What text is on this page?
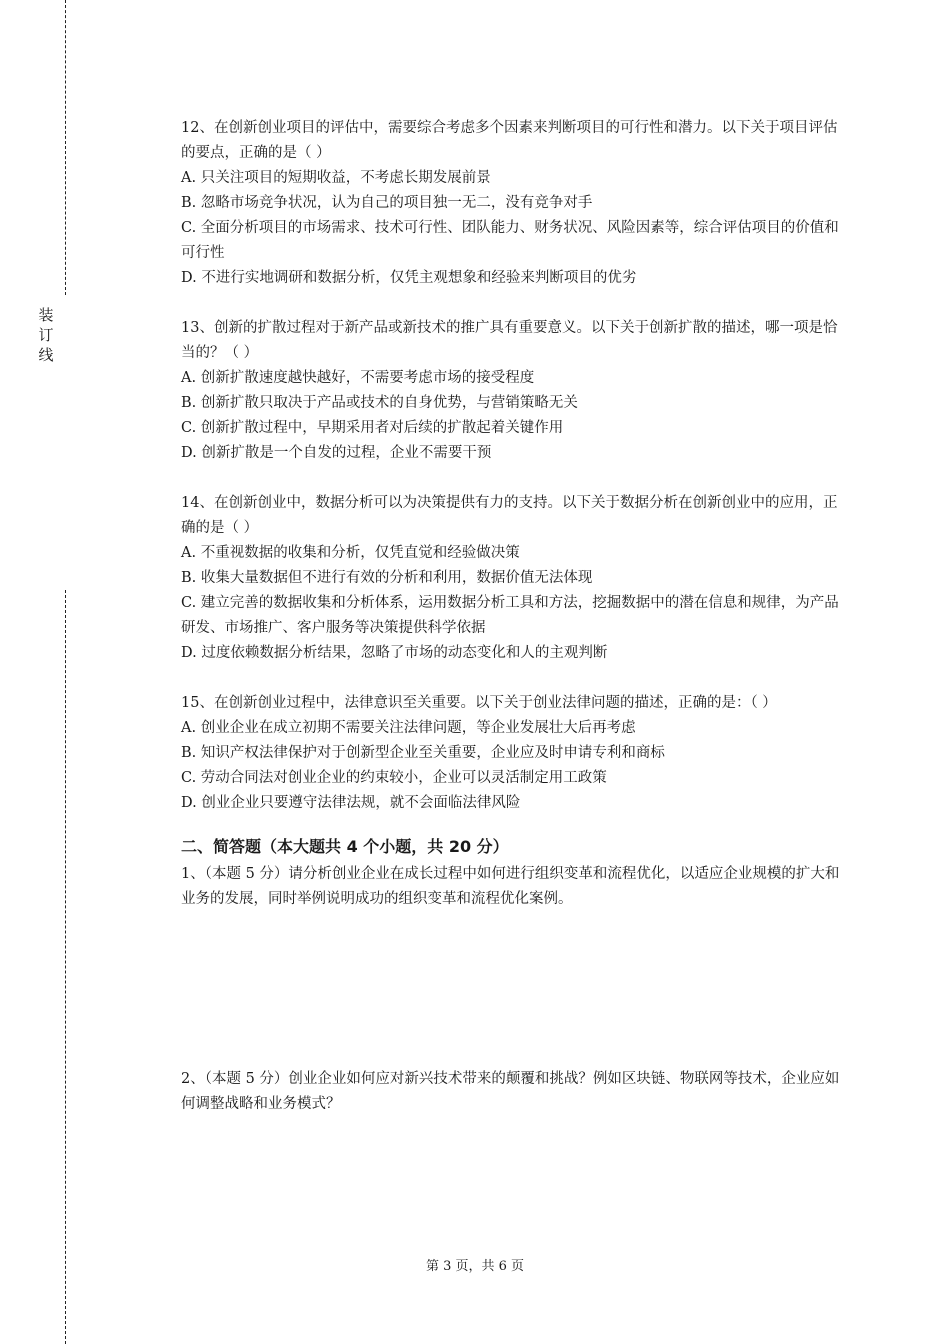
装
订
线

12、在创新创业项目的评估中，需要综合考虑多个因素来判断项目的可行性和潜力。以下关于项目评估的要点，正确的是（ ）

A. 只关注项目的短期收益，不考虑长期发展前景

B. 忽略市场竞争状况，认为自己的项目独一无二，没有竞争对手

C. 全面分析项目的市场需求、技术可行性、团队能力、财务状况、风险因素等，综合评估项目的价值和可行性

D. 不进行实地调研和数据分析，仅凭主观想象和经验来判断项目的优劣

13、创新的扩散过程对于新产品或新技术的推广具有重要意义。以下关于创新扩散的描述，哪一项是恰当的？（ ）

A. 创新扩散速度越快越好，不需要考虑市场的接受程度

B. 创新扩散只取决于产品或技术的自身优势，与营销策略无关

C. 创新扩散过程中，早期采用者对后续的扩散起着关键作用

D. 创新扩散是一个自发的过程，企业不需要干预

14、在创新创业中，数据分析可以为决策提供有力的支持。以下关于数据分析在创新创业中的应用，正确的是（ ）

A. 不重视数据的收集和分析，仅凭直觉和经验做决策

B. 收集大量数据但不进行有效的分析和利用，数据价值无法体现

C. 建立完善的数据收集和分析体系，运用数据分析工具和方法，挖掘数据中的潜在信息和规律，为产品研发、市场推广、客户服务等决策提供科学依据

D. 过度依赖数据分析结果，忽略了市场的动态变化和人的主观判断

15、在创新创业过程中，法律意识至关重要。以下关于创业法律问题的描述，正确的是：（ ）

A. 创业企业在成立初期不需要关注法律问题，等企业发展壮大后再考虑

B. 知识产权法律保护对于创新型企业至关重要，企业应及时申请专利和商标

C. 劳动合同法对创业企业的约束较小，企业可以灵活制定用工政策

D. 创业企业只要遵守法律法规，就不会面临法律风险

二、简答题（本大题共 4 个小题，共 20 分）

1、（本题 5 分）请分析创业企业在成长过程中如何进行组织变革和流程优化，以适应企业规模的扩大和业务的发展，同时举例说明成功的组织变革和流程优化案例。

2、（本题 5 分）创业企业如何应对新兴技术带来的颠覆和挑战？例如区块链、物联网等技术，企业应如何调整战略和业务模式？

第 3 页，共 6 页
